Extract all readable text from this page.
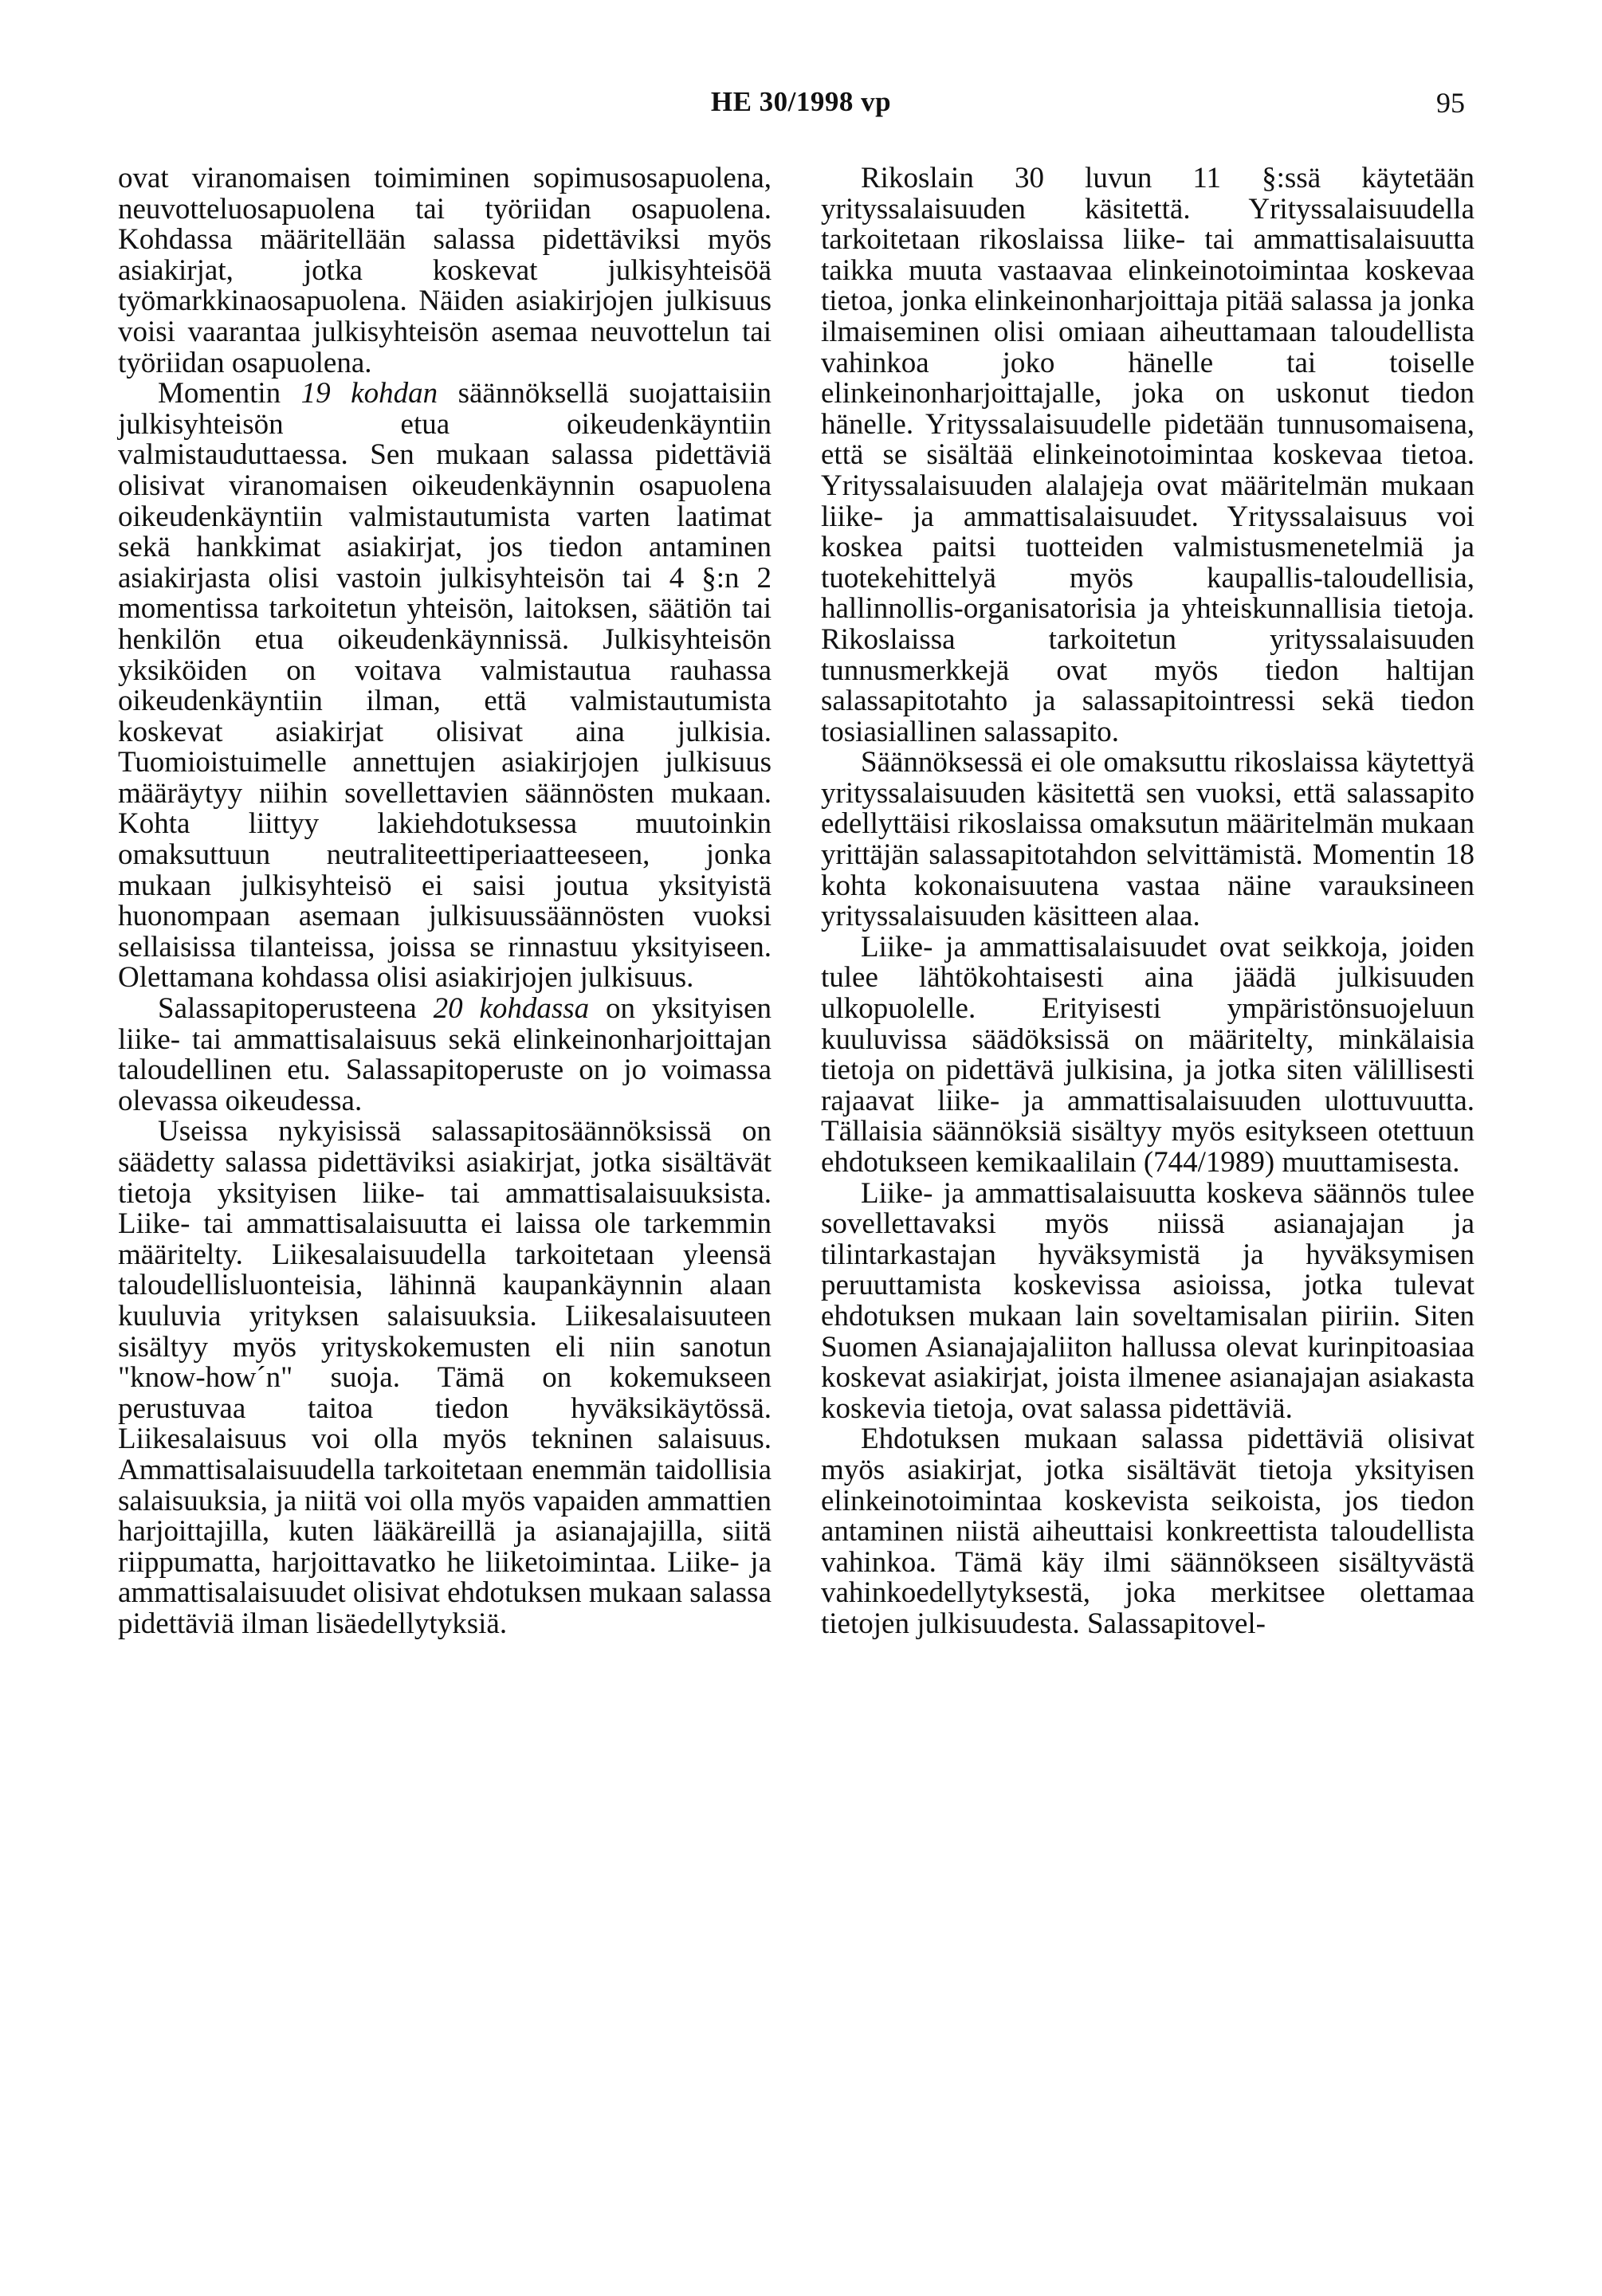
HE 30/1998 vp	95

ovat viranomaisen toimiminen sopimusosapuolena, neuvotteluosapuolena tai työriidan osapuolena. Kohdassa määritellään salassa pidettäviksi myös asiakirjat, jotka koskevat julkisyhteisöä työmarkkinaosapuolena. Näiden asiakirjojen julkisuus voisi vaarantaa julkisyhteisön asemaa neuvottelun tai työriidan osapuolena.

Momentin 19 kohdan säännöksellä suojattaisiin julkisyhteisön etua oikeudenkäyntiin valmistauduttaessa. Sen mukaan salassa pidettäviä olisivat viranomaisen oikeudenkäynnin osapuolena oikeudenkäyntiin valmistautumista varten laatimat sekä hankkimat asiakirjat, jos tiedon antaminen asiakirjasta olisi vastoin julkisyhteisön tai 4 §:n 2 momentissa tarkoitetun yhteisön, laitoksen, säätiön tai henkilön etua oikeudenkäynnissä. Julkisyhteisön yksiköiden on voitava valmistautua rauhassa oikeudenkäyntiin ilman, että valmistautumista koskevat asiakirjat olisivat aina julkisia. Tuomioistuimelle annettujen asiakirjojen julkisuus määräytyy niihin sovellettavien säännösten mukaan. Kohta liittyy lakiehdotuksessa muutoinkin omaksuttuun neutraliteettiperiaatteeseen, jonka mukaan julkisyhteisö ei saisi joutua yksityistä huonompaan asemaan julkisuussäännösten vuoksi sellaisissa tilanteissa, joissa se rinnastuu yksityiseen. Olettamana kohdassa olisi asiakirjojen julkisuus.

Salassapitoperusteena 20 kohdassa on yksityisen liike- tai ammattisalaisuus sekä elinkeinonharjoittajan taloudellinen etu. Salassapitoperuste on jo voimassa olevassa oikeudessa.

Useissa nykyisissä salassapitosäännöksissä on säädetty salassa pidettäviksi asiakirjat, jotka sisältävät tietoja yksityisen liike- tai ammattisalaisuuksista. Liike- tai ammattisalaisuutta ei laissa ole tarkemmin määritelty. Liikesalaisuudella tarkoitetaan yleensä taloudellisluonteisia, lähinnä kaupankäynnin alaan kuuluvia yrityksen salaisuuksia. Liikesalaisuuteen sisältyy myös yrityskokemusten eli niin sanotun "know-how´n" suoja. Tämä on kokemukseen perustuvaa taitoa tiedon hyväksikäytössä. Liikesalaisuus voi olla myös tekninen salaisuus. Ammattisalaisuudella tarkoitetaan enemmän taidollisia salaisuuksia, ja niitä voi olla myös vapaiden ammattien harjoittajilla, kuten lääkäreillä ja asianajajilla, siitä riippumatta, harjoittavatko he liiketoimintaa. Liike- ja ammattisalaisuudet olisivat ehdotuksen mukaan salassa pidettäviä ilman lisäedellytyksiä.

Rikoslain 30 luvun 11 §:ssä käytetään yrityssalaisuuden käsitettä. Yrityssalaisuudella tarkoitetaan rikoslaissa liike- tai ammattisalaisuutta taikka muuta vastaavaa elinkeinotoimintaa koskevaa tietoa, jonka elinkeinonharjoittaja pitää salassa ja jonka ilmaiseminen olisi omiaan aiheuttamaan taloudellista vahinkoa joko hänelle tai toiselle elinkeinonharjoittajalle, joka on uskonut tiedon hänelle. Yrityssalaisuudelle pidetään tunnusomaisena, että se sisältää elinkeinotoimintaa koskevaa tietoa. Yrityssalaisuuden alalajeja ovat määritelmän mukaan liike- ja ammattisalaisuudet. Yrityssalaisuus voi koskea paitsi tuotteiden valmistusmenetelmiä ja tuotekehittelyä myös kaupallis-taloudellisia, hallinnollis-organisatorisia ja yhteiskunnallisia tietoja. Rikoslaissa tarkoitetun yrityssalaisuuden tunnusmerkkejä ovat myös tiedon haltijan salassapitotahto ja salassapitointressi sekä tiedon tosiasiallinen salassapito.

Säännöksessä ei ole omaksuttu rikoslaissa käytettyä yrityssalaisuuden käsitettä sen vuoksi, että salassapito edellyttäisi rikoslaissa omaksutun määritelmän mukaan yrittäjän salassapitotahdon selvittämistä. Momentin 18 kohta kokonaisuutena vastaa näine varauksineen yrityssalaisuuden käsitteen alaa.

Liike- ja ammattisalaisuudet ovat seikkoja, joiden tulee lähtökohtaisesti aina jäädä julkisuuden ulkopuolelle. Erityisesti ympäristönsuojeluun kuuluvissa säädöksissä on määritelty, minkälaisia tietoja on pidettävä julkisina, ja jotka siten välillisesti rajaavat liike- ja ammattisalaisuuden ulottuvuutta. Tällaisia säännöksiä sisältyy myös esitykseen otettuun ehdotukseen kemikaalilain (744/1989) muuttamisesta.

Liike- ja ammattisalaisuutta koskeva säännös tulee sovellettavaksi myös niissä asianajajan ja tilintarkastajan hyväksymistä ja hyväksymisen peruuttamista koskevissa asioissa, jotka tulevat ehdotuksen mukaan lain soveltamisalan piiriin. Siten Suomen Asianajajaliiton hallussa olevat kurinpitoasiaa koskevat asiakirjat, joista ilmenee asianajajan asiakasta koskevia tietoja, ovat salassa pidettäviä.

Ehdotuksen mukaan salassa pidettäviä olisivat myös asiakirjat, jotka sisältävät tietoja yksityisen elinkeinotoimintaa koskevista seikoista, jos tiedon antaminen niistä aiheuttaisi konkreettista taloudellista vahinkoa. Tämä käy ilmi säännökseen sisältyvästä vahinkoedellytyksestä, joka merkitsee olettamaa tietojen julkisuudesta. Salassapitovel-
